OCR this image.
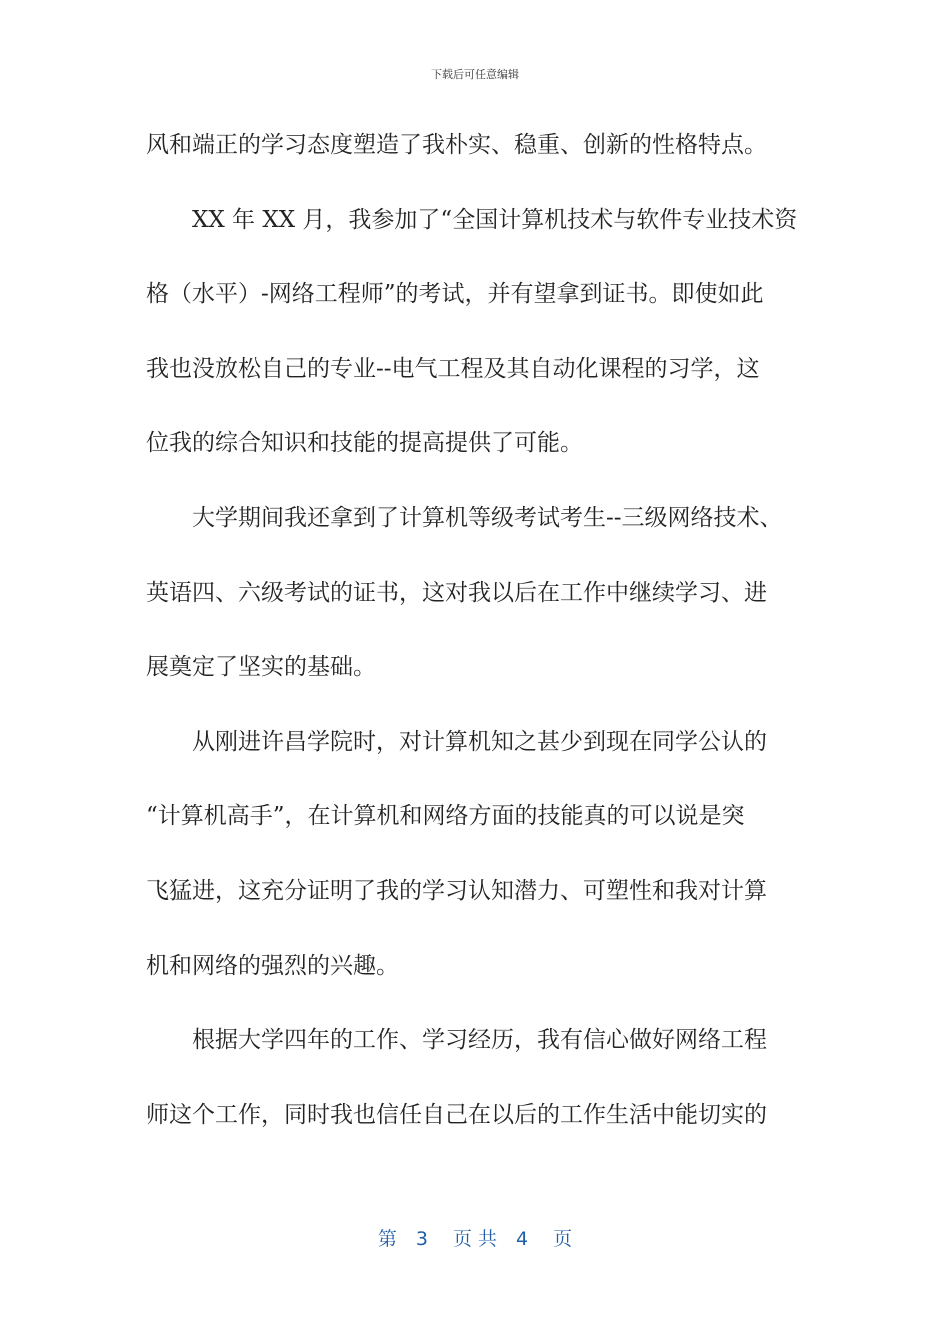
下载后可任意编辑
风和端正的学习态度塑造了我朴实、稳重、创新的性格特点。
XX 年 XX 月，我参加了“全国计算机技术与软件专业技术资
格（水平）-网络工程师”的考试，并有望拿到证书。即使如此
我也没放松自己的专业--电气工程及其自动化课程的习学，这
位我的综合知识和技能的提高提供了可能。
大学期间我还拿到了计算机等级考试考生--三级网络技术、
英语四、六级考试的证书，这对我以后在工作中继续学习、进
展奠定了坚实的基础。
从刚进许昌学院时，对计算机知之甚少到现在同学公认的
“计算机高手”，在计算机和网络方面的技能真的可以说是突
飞猛进，这充分证明了我的学习认知潜力、可塑性和我对计算
机和网络的强烈的兴趣。
根据大学四年的工作、学习经历，我有信心做好网络工程
师这个工作，同时我也信任自己在以后的工作生活中能切实的
第　3　 页 共　4　 页
